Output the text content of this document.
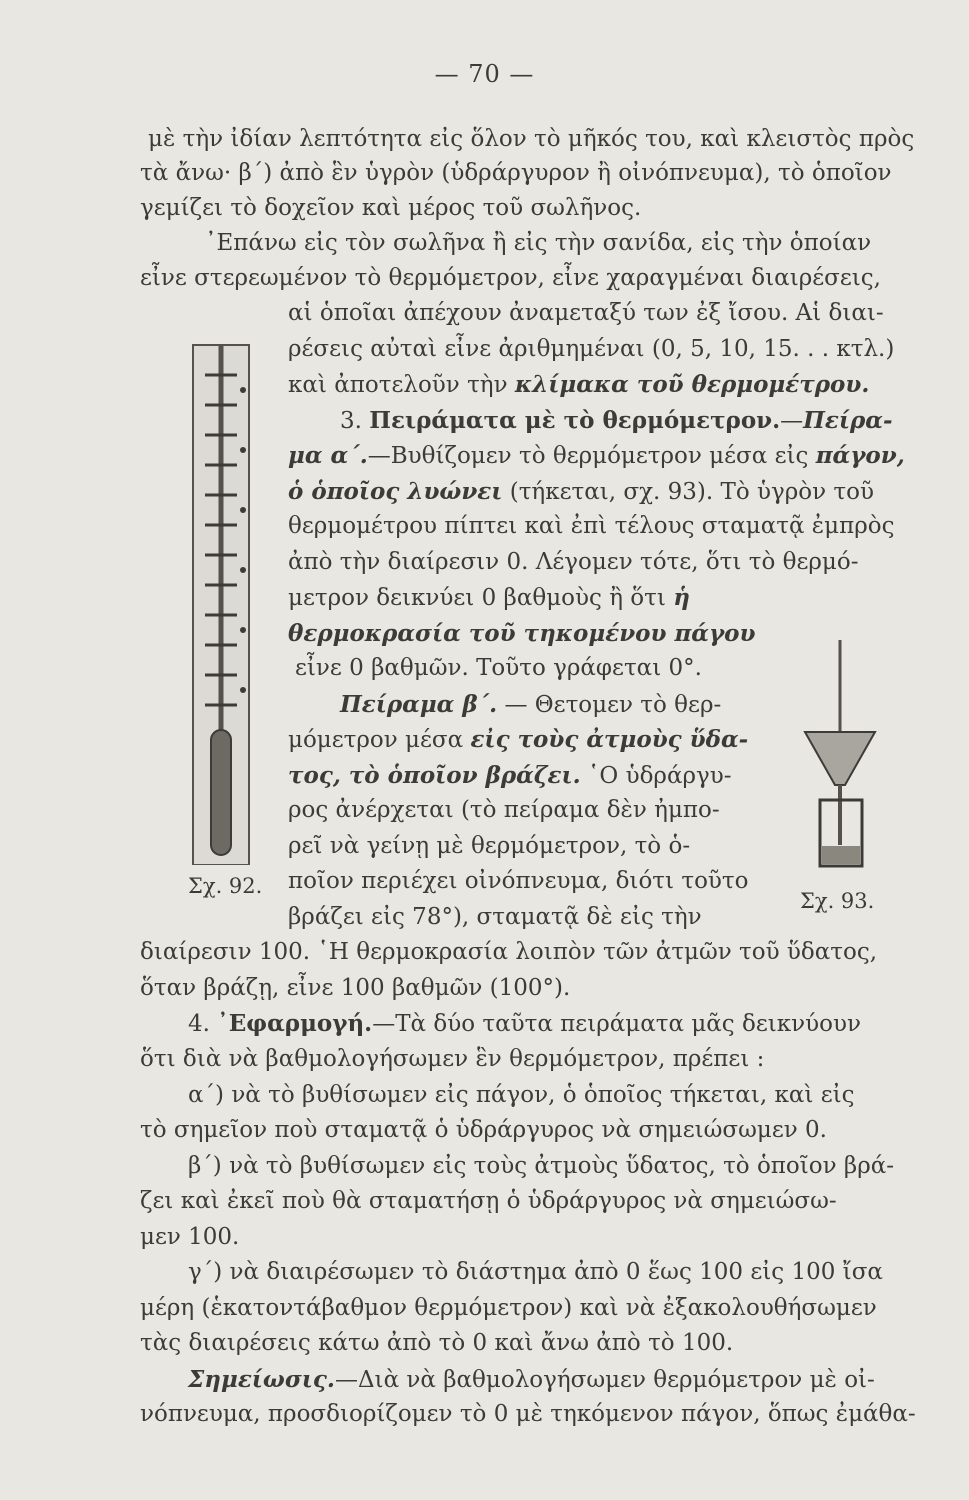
— 70 —
μὲ τὴν ἰδίαν λεπτότητα εἰς ὅλον τὸ μῆκός του, καὶ κλειστὸς πρὸς
τὰ ἄνω· β΄) ἀπὸ ἓν ὑγρὸν (ὑδράργυρον ἢ οἰνόπνευμα), τὸ ὁποῖον
γεμίζει τὸ δοχεῖον καὶ μέρος τοῦ σωλῆνος.
᾿Επάνω εἰς τὸν σωλῆνα ἢ εἰς τὴν σανίδα, εἰς τὴν ὁποίαν
εἶνε στερεωμένον τὸ θερμόμετρον, εἶνε χαραγμέναι διαιρέσεις,
αἱ ὁποῖαι ἀπέχουν ἀναμεταξύ των ἐξ ἴσου. Αἱ διαι-
ρέσεις αὐταὶ εἶνε ἀριθμημέναι (0, 5, 10, 15. . . κτλ.)
καὶ ἀποτελοῦν τὴν κλίμακα τοῦ θερμομέτρου.
3. Πειράματα μὲ τὸ θερμόμετρον.—Πείρα-
μα α΄.—Βυθίζομεν τὸ θερμόμετρον μέσα εἰς πάγον,
ὁ ὁποῖος λυώνει (τήκεται, σχ. 93). Τὸ ὑγρὸν τοῦ
θερμομέτρου πίπτει καὶ ἐπὶ τέλους σταματᾷ ἐμπρὸς
ἀπὸ τὴν διαίρεσιν 0. Λέγομεν τότε, ὅτι τὸ θερμό-
μετρον δεικνύει 0 βαθμοὺς ἢ ὅτι ἡ
θερμοκρασία τοῦ τηκομένου πάγου
εἶνε 0 βαθμῶν. Τοῦτο γράφεται 0°.
Πείραμα β΄. — Θετομεν τὸ θερ-
μόμετρον μέσα εἰς τοὺς ἀτμοὺς ὕδα-
τος, τὸ ὁποῖον βράζει. ῾Ο ὑδράργυ-
ρος ἀνέρχεται (τὸ πείραμα δὲν ἠμπο-
ρεῖ νὰ γείνῃ μὲ θερμόμετρον, τὸ ὁ-
ποῖον περιέχει οἰνόπνευμα, διότι τοῦτο
βράζει εἰς 78°), σταματᾷ δὲ εἰς τὴν
διαίρεσιν 100. ῾Η θερμοκρασία λοιπὸν τῶν ἀτμῶν τοῦ ὕδατος,
ὅταν βράζῃ, εἶνε 100 βαθμῶν (100°).
4. ᾿Εφαρμογή.—Τὰ δύο ταῦτα πειράματα μᾶς δεικνύουν
ὅτι διὰ νὰ βαθμολογήσωμεν ἓν θερμόμετρον, πρέπει :
α΄) νὰ τὸ βυθίσωμεν εἰς πάγον, ὁ ὁποῖος τήκεται, καὶ εἰς
τὸ σημεῖον ποὺ σταματᾷ ὁ ὑδράργυρος νὰ σημειώσωμεν 0.
β΄) νὰ τὸ βυθίσωμεν εἰς τοὺς ἀτμοὺς ὕδατος, τὸ ὁποῖον βρά-
ζει καὶ ἐκεῖ ποὺ θὰ σταματήσῃ ὁ ὑδράργυρος νὰ σημειώσω-
μεν 100.
γ΄) νὰ διαιρέσωμεν τὸ διάστημα ἀπὸ 0 ἕως 100 εἰς 100 ἴσα
μέρη (ἑκατοντάβαθμον θερμόμετρον) καὶ νὰ ἐξακολουθήσωμεν
τὰς διαιρέσεις κάτω ἀπὸ τὸ 0 καὶ ἄνω ἀπὸ τὸ 100.
Σημείωσις.—Διὰ νὰ βαθμολογήσωμεν θερμόμετρον μὲ οἰ-
νόπνευμα, προσδιορίζομεν τὸ 0 μὲ τηκόμενον πάγον, ὅπως ἐμάθα-
Σχ. 92.
Σχ. 93.
